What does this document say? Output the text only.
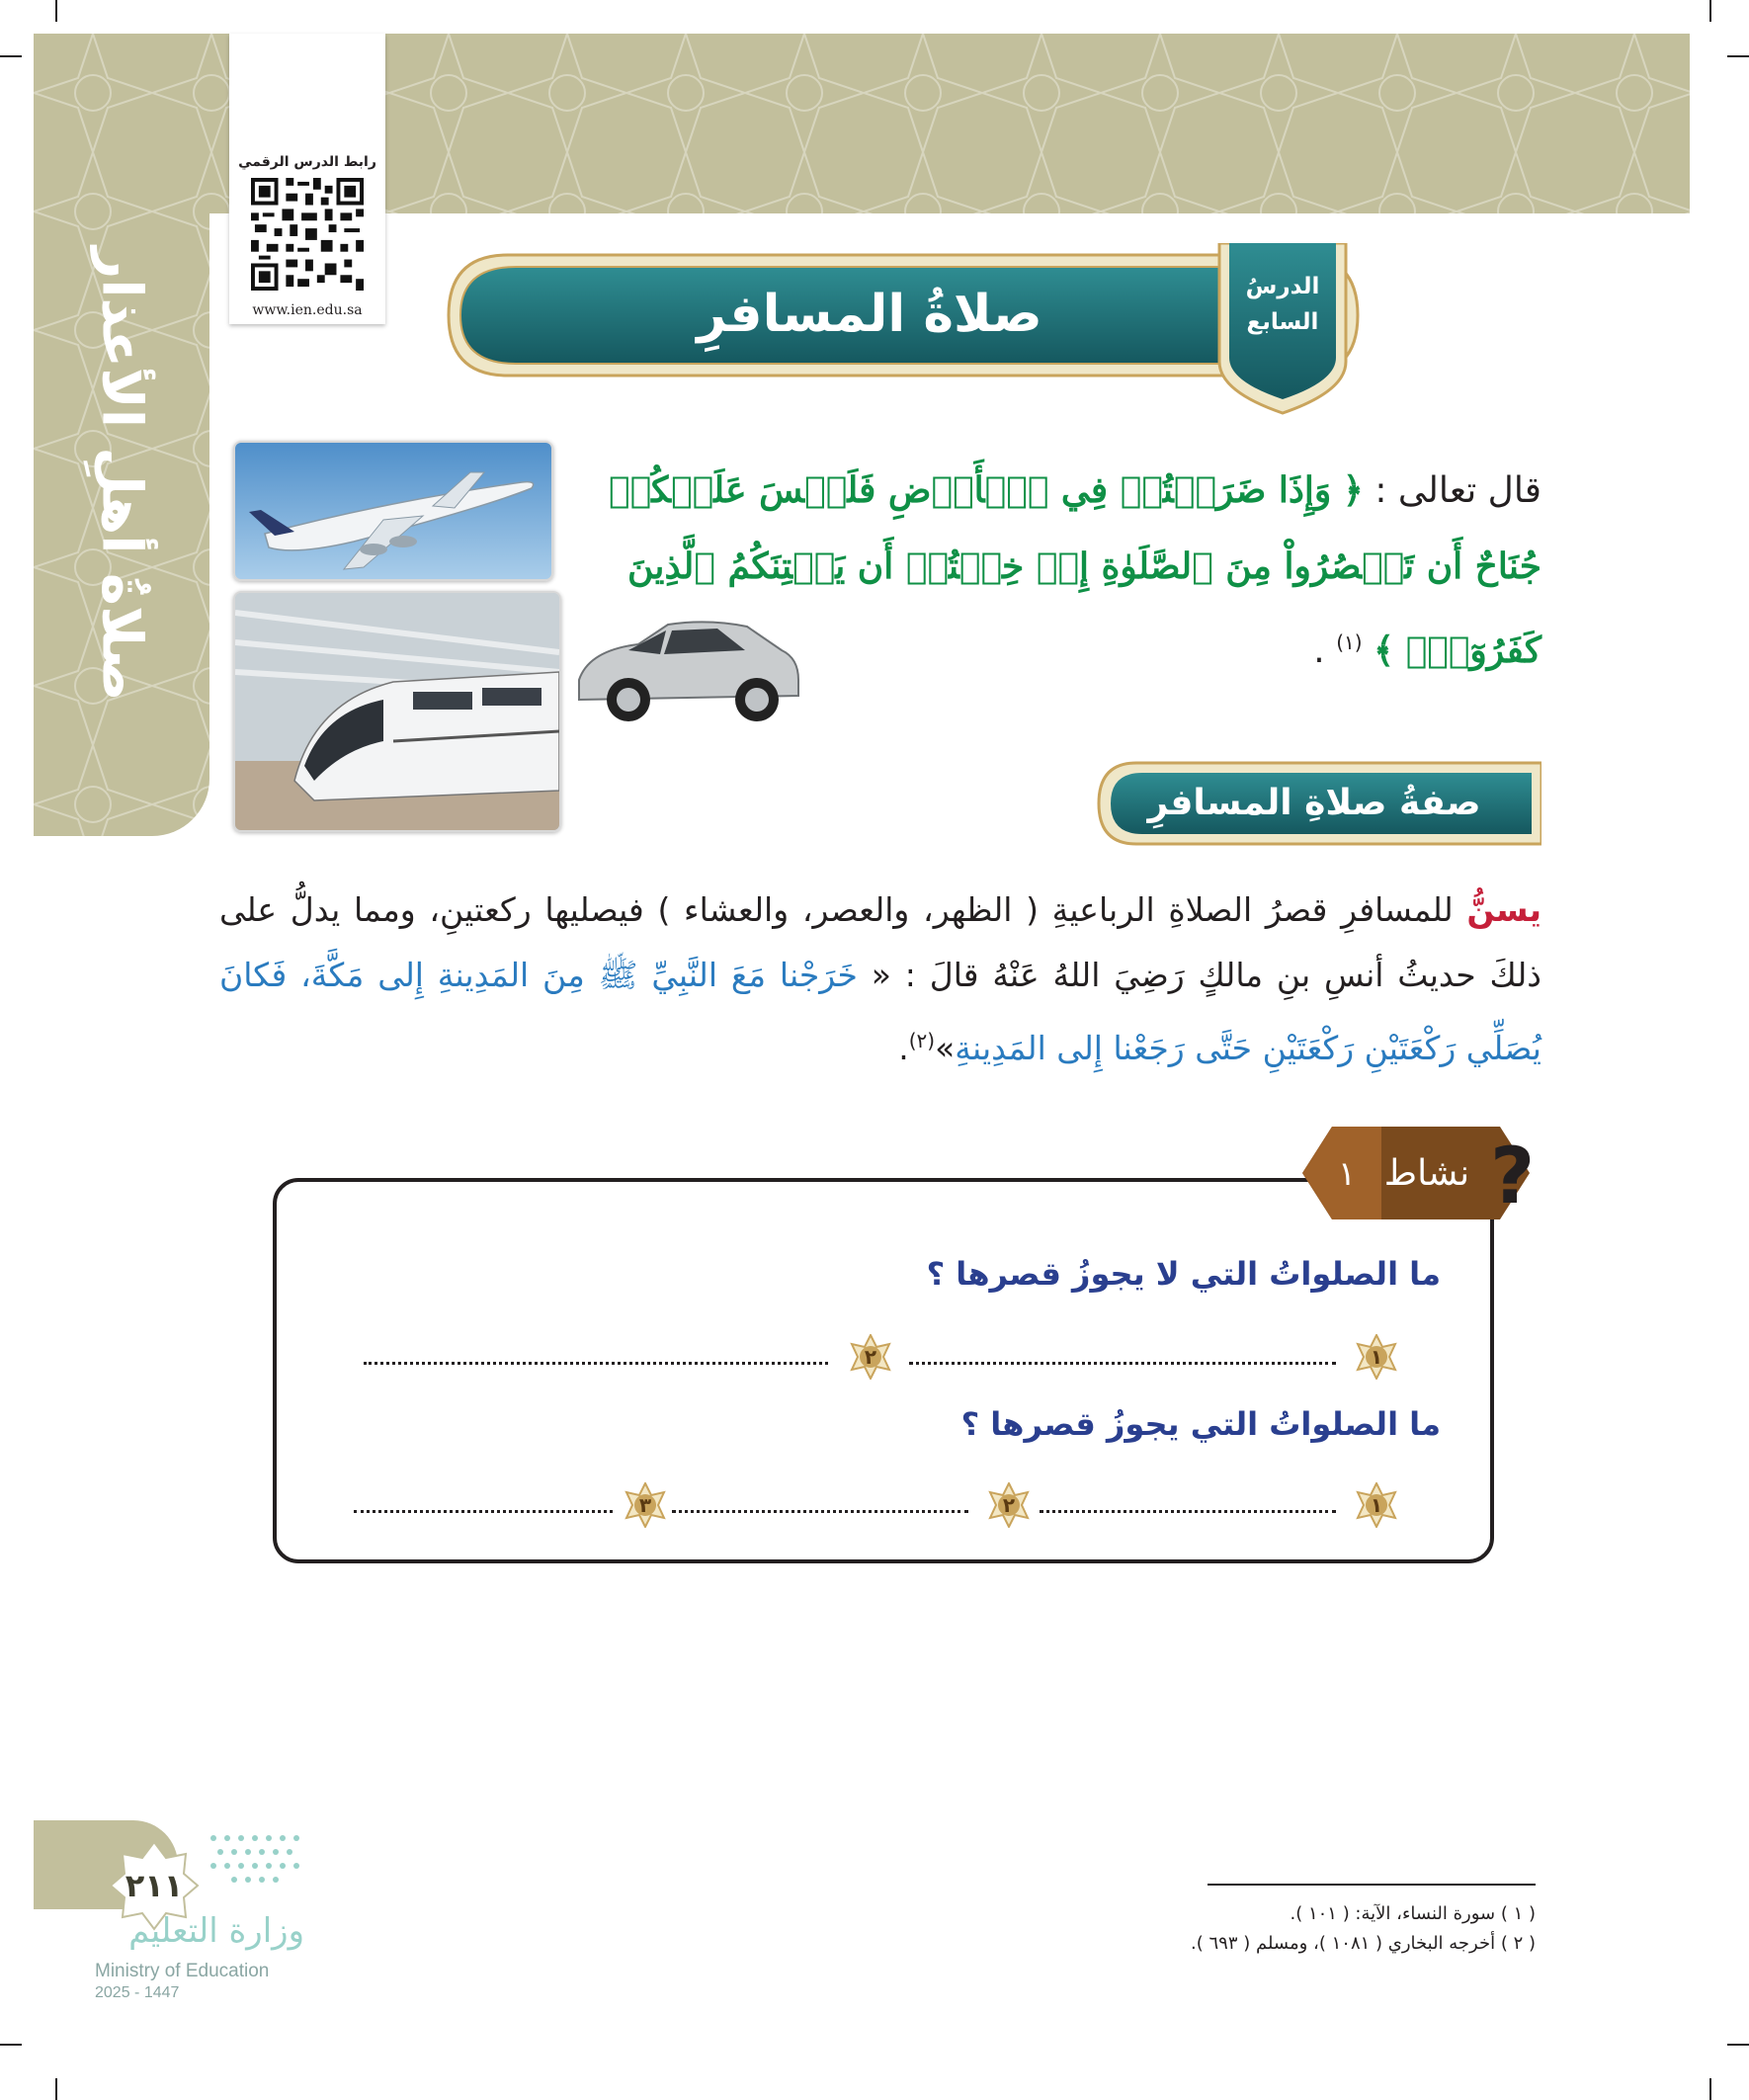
صلاةُ أهلِ الأعذار
رابط الدرس الرقمي
www.ien.edu.sa	صلاةُ المسافرِ	الدرسُ
السابع
قال تعالى : ﴿ وَإِذَا ضَرَبۡتُمۡ فِي ٱلۡأَرۡضِ فَلَيۡسَ عَلَيۡكُمۡ جُنَاحٌ أَن تَقۡصُرُواْ مِنَ ٱلصَّلَوٰةِ إِنۡ خِفۡتُمۡ أَن يَفۡتِنَكُمُ ٱلَّذِينَ كَفَرُوٓاْۚ ﴾ $^{(١)}$ .
صفةُ صلاةِ المسافرِ
يسنُّ للمسافرِ قصرُ الصلاةِ الرباعيةِ ( الظهر، والعصر، والعشاء ) فيصليها ركعتينِ، ومما يدلُّ على ذلكَ حديثُ أنسِ بنِ مالكٍ رَضِيَ اللهُ عَنْهُ قالَ : « خَرَجْنا مَعَ النَّبِيِّ ﷺ مِنَ المَدِينةِ إِلى مَكَّةَ، فَكانَ يُصَلِّي رَكْعَتَيْنِ رَكْعَتَيْنِ حَتَّى رَجَعْنا إِلى المَدِينةِ»$^{(٢)}$.
نشاط
١	?
ما الصلواتُ التي لا يجوزُ قصرها ؟
ما الصلواتُ التي يجوزُ قصرها ؟
١
٢
١
٢
٣
( ١ ) سورة النساء، الآية: ( ١٠١ ).
( ٢ ) أخرجه البخاري ( ١٠٨١ )، ومسلم ( ٦٩٣ ).
٢١١
وزارة التعليم
Ministry of Education
2025 - 1447
